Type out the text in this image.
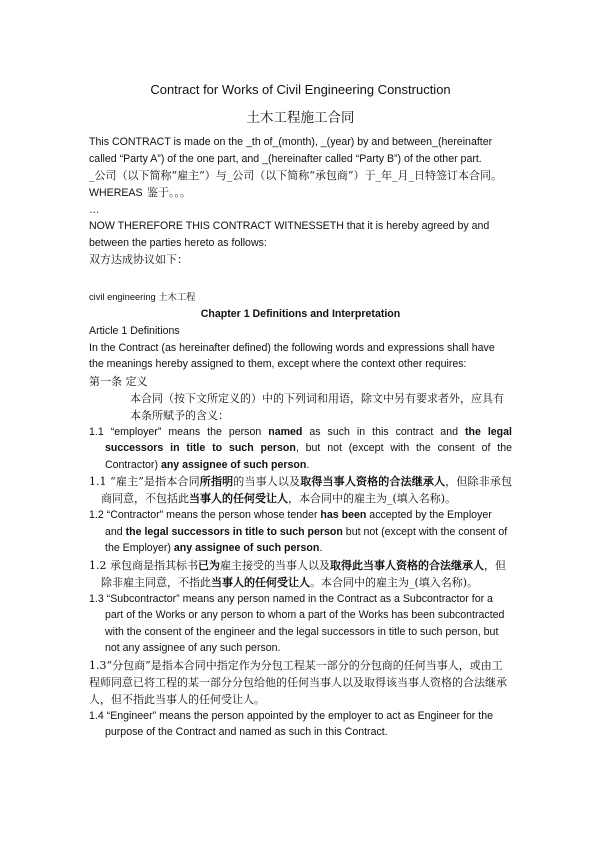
Contract for Works of Civil Engineering Construction

土木工程施工合同

This CONTRACT is made on the _th of_(month), _(year) by and between_(hereinafter called “Party A”) of the one part, and _(hereinafter called “Party B”) of the other part.

_公司（以下简称“雇主”）与_公司（以下简称“承包商”）于_年_月_日特签订本合同。

WHEREAS 鉴于。。。

…

NOW THEREFORE THIS CONTRACT WITNESSETH that it is hereby agreed by and between the parties hereto as follows:

双方达成协议如下：

civil engineering 土木工程

Chapter 1 Definitions and Interpretation

Article 1 Definitions

In the Contract (as hereinafter defined) the following words and expressions shall have the meanings hereby assigned to them, except where the context other requires:

第一条 定义

本合同（按下文所定义的）中的下列词和用语，除文中另有要求者外，应具有本条所赋予的含义：

1.1 “employer” means the person named as such in this contract and the legal successors in title to such person, but not (except with the consent of the Contractor) any assignee of such person.

1.1 “雇主”是指本合同所指明的当事人以及取得当事人资格的合法继承人，但除非承包商同意，不包括此当事人的任何受让人，本合同中的雇主为_(填入名称)。

1.2 “Contractor” means the person whose tender has been accepted by the Employer and the legal successors in title to such person but not (except with the consent of the Employer) any assignee of such person.

1.2 承包商是指其标书已为雇主接受的当事人以及取得此当事人资格的合法继承人，但除非雇主同意，不指此当事人的任何受让人。本合同中的雇主为_(填入名称)。

1.3 “Subcontractor” means any person named in the Contract as a Subcontractor for a part of the Works or any person to whom a part of the Works has been subcontracted with the consent of the engineer and the legal successors in title to such person, but not any assignee of any such person.

1.3“分包商”是指本合同中指定作为分包工程某一部分的分包商的任何当事人，或由工程师同意已将工程的某一部分分包给他的任何当事人以及取得该当事人资格的合法继承人，但不指此当事人的任何受让人。

1.4 “Engineer” means the person appointed by the employer to act as Engineer for the purpose of the Contract and named as such in this Contract.
